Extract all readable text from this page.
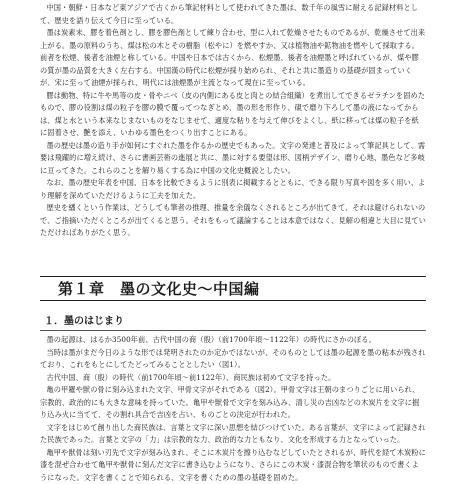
中国・朝鮮・日本など東アジアで古くから筆記材料として使われてきた墨は、数千年の風雪に耐える記録材料として、歴史を語り伝えて今日に至っている。

墨は炭素末、膠を着色剤とし、膠を膠色剤として練り合わせ、型に入れて乾燥させたものであるが、乾燥させて出来上がる。墨の原料のうち、煤は松の木とその樹脂（松やに）を燃やすか、又は植物油や鉱物油を燃やして採取する。前者を松煙、後者を油煙と称している。中国や日本では古くから、松煙墨、後者を油煙墨と呼ばれているが、煤や膠の質が墨の品質を大きく左右する。中国漢の時代に松煙が採り始められ、それと共に墨造りの基礎が固まっていくが、宋に至って油煙が採られ、明代には油煙墨が主流となって現在に至っている。

膠は動物、特に牛や馬等の皮・骨やニベ（皮の内側にある皮と肉との結合組織）を煮出してできるゼラチンを固めたもので、膠の役割は煤の粒子を膠の膜で覆ってつなぎとめ、墨の形を形作り、硯で磨り下ろして墨の液になってからは、煤と水という本来なじまないものをなじませて、適度な粘りを与えて伸びをよくし、紙に移っては煤の粒子を紙に固着させ、艶を添え、いわゆる墨色をつくり出すことにある。

墨の歴史は墨の造り手が如何にすぐれた墨を作るかの歴史でもあった。文字の発達と普及によって筆記具として、需要は飛躍的に増え続け、さらに書画芸術の進展と共に、墨に対する要望は形、図柄デザイン、磨り心地、墨色など多岐に亘ってきた。これらのことを解り易くする為に中国の文化史概説としたい。

なお、墨の歴史年表を中国、日本を比較できるように別表に掲載するとともに、できる限り写真や図を多く用い、より理解を深めていただけるように工夫を加えた。

歴史を繙くという作業は、どうしても筆者の推理、推量を余儀なくされるところが出てきて、それは避けられないので、ご指摘いただくところが出てくると思う。それをもって議論することは本意ではなく、見解の相違と大目に見ていただければありがたく思う。

第１章　墨の文化史～中国編
１．墨のはじまり

墨の起源は、はるか3500年前、古代中国の商（殷）（前1700年頃～1122年）の時代にさかのぼる。

当時は墨がまだ今日のような形では発明されたのか定かではないが、そのものとしては墨の起源を墨の粘本が残されており、これをもとにしてたどってみることとしたい（図1）。

古代中国、商（殷）の時代（前1700年頃～前1122年）、商民族は初めて文字を持った。

亀の甲羅や獣の骨に刻み込まれた文字、甲骨文字がそれである（図2）。甲骨文字は王朝のまつりごとに用いられ、宗教的、政治的にも大きな意味を持っていた。亀甲や獣骨で文字を刻み込み、清し災の吉凶などの木炭片を文字に掘り込み火に当てて、その割れ具合で吉凶を占い、ものごとの決定が行われた。

文字をはじめて創り出した商民族は、言葉と文字に深い思想を結びつけていた。ある言葉が、文字によって記録された民族であった。言葉と文字の「力」は宗教的な力、政治的な力ともなり、文化を形成する力となっていった。

亀甲や獣骨は刻い刃先で文字が刻み込まれ、そこに木炭片を擦り込むなどしていたとされるが、時代を経て木炭粉に漆を混ぜ合わせて亀甲や獣骨に刻んだ文字に書き込むようになり、さらにこの木炭・漆混合物を筆状のもので書くようになった。文字を書くことで知られる、文字を書くための墨の基礎を固めた。
